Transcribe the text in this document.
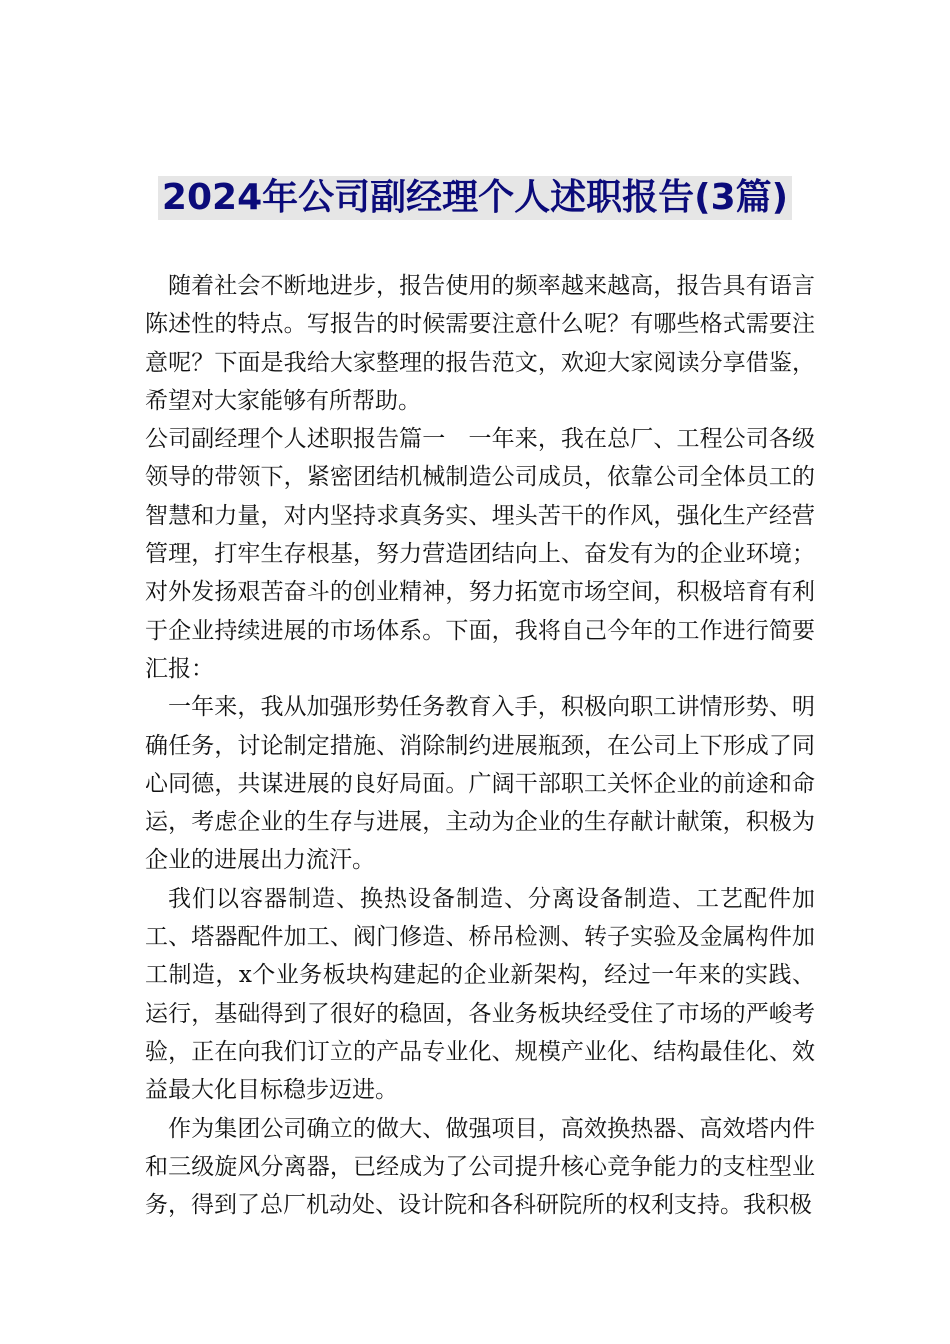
2024年公司副经理个人述职报告(3篇)

随着社会不断地进步，报告使用的频率越来越高，报告具有语言陈述性的特点。写报告的时候需要注意什么呢？有哪些格式需要注意呢？下面是我给大家整理的报告范文，欢迎大家阅读分享借鉴，希望对大家能够有所帮助。

公司副经理个人述职报告篇一　一年来，我在总厂、工程公司各级领导的带领下，紧密团结机械制造公司成员，依靠公司全体员工的智慧和力量，对内坚持求真务实、埋头苦干的作风，强化生产经营管理，打牢生存根基，努力营造团结向上、奋发有为的企业环境；对外发扬艰苦奋斗的创业精神，努力拓宽市场空间，积极培育有利于企业持续进展的市场体系。下面，我将自己今年的工作进行简要汇报：

一年来，我从加强形势任务教育入手，积极向职工讲情形势、明确任务，讨论制定措施、消除制约进展瓶颈，在公司上下形成了同心同德，共谋进展的良好局面。广阔干部职工关怀企业的前途和命运，考虑企业的生存与进展，主动为企业的生存献计献策，积极为企业的进展出力流汗。

我们以容器制造、换热设备制造、分离设备制造、工艺配件加工、塔器配件加工、阀门修造、桥吊检测、转子实验及金属构件加工制造，x个业务板块构建起的企业新架构，经过一年来的实践、运行，基础得到了很好的稳固，各业务板块经受住了市场的严峻考验，正在向我们订立的产品专业化、规模产业化、结构最佳化、效益最大化目标稳步迈进。

作为集团公司确立的做大、做强项目，高效换热器、高效塔内件和三级旋风分离器，已经成为了公司提升核心竞争能力的支柱型业务，得到了总厂机动处、设计院和各科研院所的权利支持。我积极
